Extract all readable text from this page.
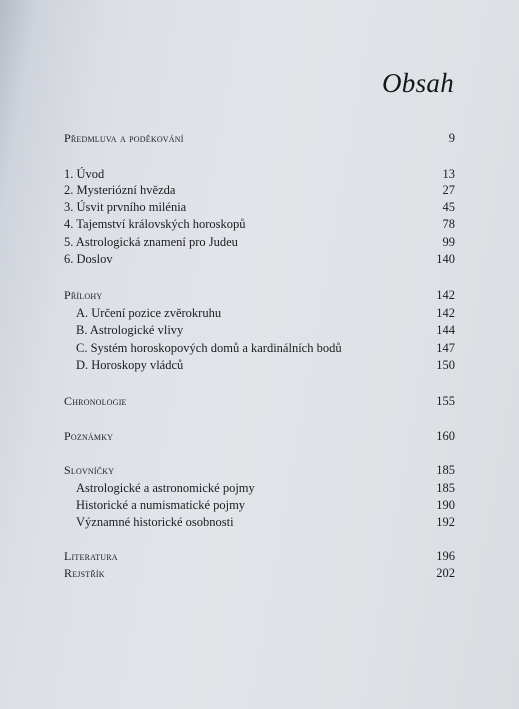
Obsah
Předmluva a poděkování	9
1. Úvod	13
2. Mysteriózní hvězda	27
3. Úsvit prvního milénia	45
4. Tajemství královských horoskopů	78
5. Astrologická znamení pro Judeu	99
6. Doslov	140
Přílohy	142
A. Určení pozice zvěrokruhu	142
B. Astrologické vlivy	144
C. Systém horoskopových domů a kardinálních bodů	147
D. Horoskopy vládců	150
Chronologie	155
Poznámky	160
Slovníčky	185
Astrologické a astronomické pojmy	185
Historické a numismatické pojmy	190
Významné historické osobnosti	192
Literatura	196
Rejstřík	202
